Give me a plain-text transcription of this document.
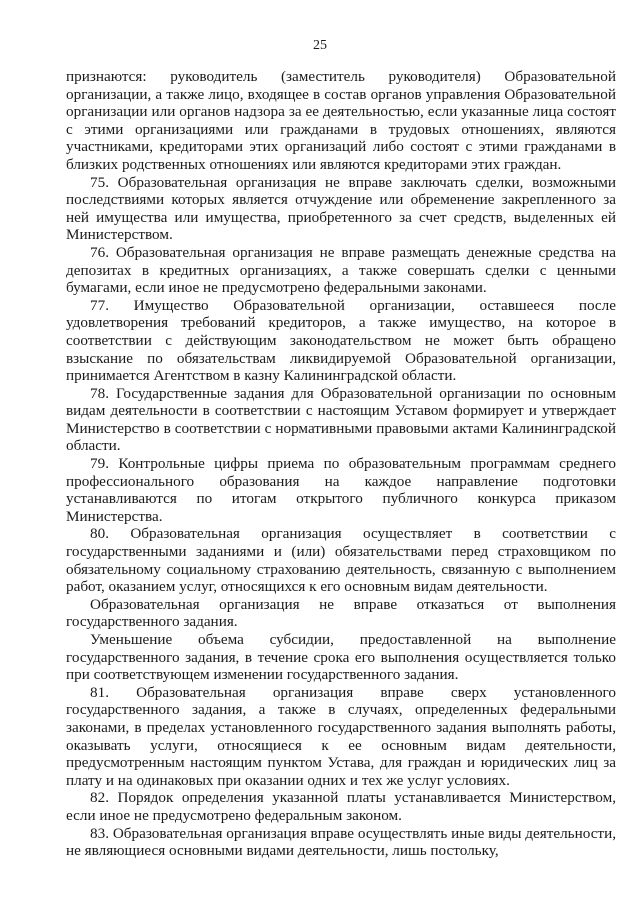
25

признаются: руководитель (заместитель руководителя) Образовательной организации, а также лицо, входящее в состав органов управления Образовательной организации или органов надзора за ее деятельностью, если указанные лица состоят с этими организациями или гражданами в трудовых отношениях, являются участниками, кредиторами этих организаций либо состоят с этими гражданами в близких родственных отношениях или являются кредиторами этих граждан.

75. Образовательная организация не вправе заключать сделки, возможными последствиями которых является отчуждение или обременение закрепленного за ней имущества или имущества, приобретенного за счет средств, выделенных ей Министерством.

76. Образовательная организация не вправе размещать денежные средства на депозитах в кредитных организациях, а также совершать сделки с ценными бумагами, если иное не предусмотрено федеральными законами.

77. Имущество Образовательной организации, оставшееся после удовлетворения требований кредиторов, а также имущество, на которое в соответствии с действующим законодательством не может быть обращено взыскание по обязательствам ликвидируемой Образовательной организации, принимается Агентством в казну Калининградской области.

78. Государственные задания для Образовательной организации по основным видам деятельности в соответствии с настоящим Уставом формирует и утверждает Министерство в соответствии с нормативными правовыми актами Калининградской области.

79. Контрольные цифры приема по образовательным программам среднего профессионального образования на каждое направление подготовки устанавливаются по итогам открытого публичного конкурса приказом Министерства.

80. Образовательная организация осуществляет в соответствии с государственными заданиями и (или) обязательствами перед страховщиком по обязательному социальному страхованию деятельность, связанную с выполнением работ, оказанием услуг, относящихся к его основным видам деятельности.

Образовательная организация не вправе отказаться от выполнения государственного задания.

Уменьшение объема субсидии, предоставленной на выполнение государственного задания, в течение срока его выполнения осуществляется только при соответствующем изменении государственного задания.

81. Образовательная организация вправе сверх установленного государственного задания, а также в случаях, определенных федеральными законами, в пределах установленного государственного задания выполнять работы, оказывать услуги, относящиеся к ее основным видам деятельности, предусмотренным настоящим пунктом Устава, для граждан и юридических лиц за плату и на одинаковых при оказании одних и тех же услуг условиях.

82. Порядок определения указанной платы устанавливается Министерством, если иное не предусмотрено федеральным законом.

83. Образовательная организация вправе осуществлять иные виды деятельности, не являющиеся основными видами деятельности, лишь постольку,
